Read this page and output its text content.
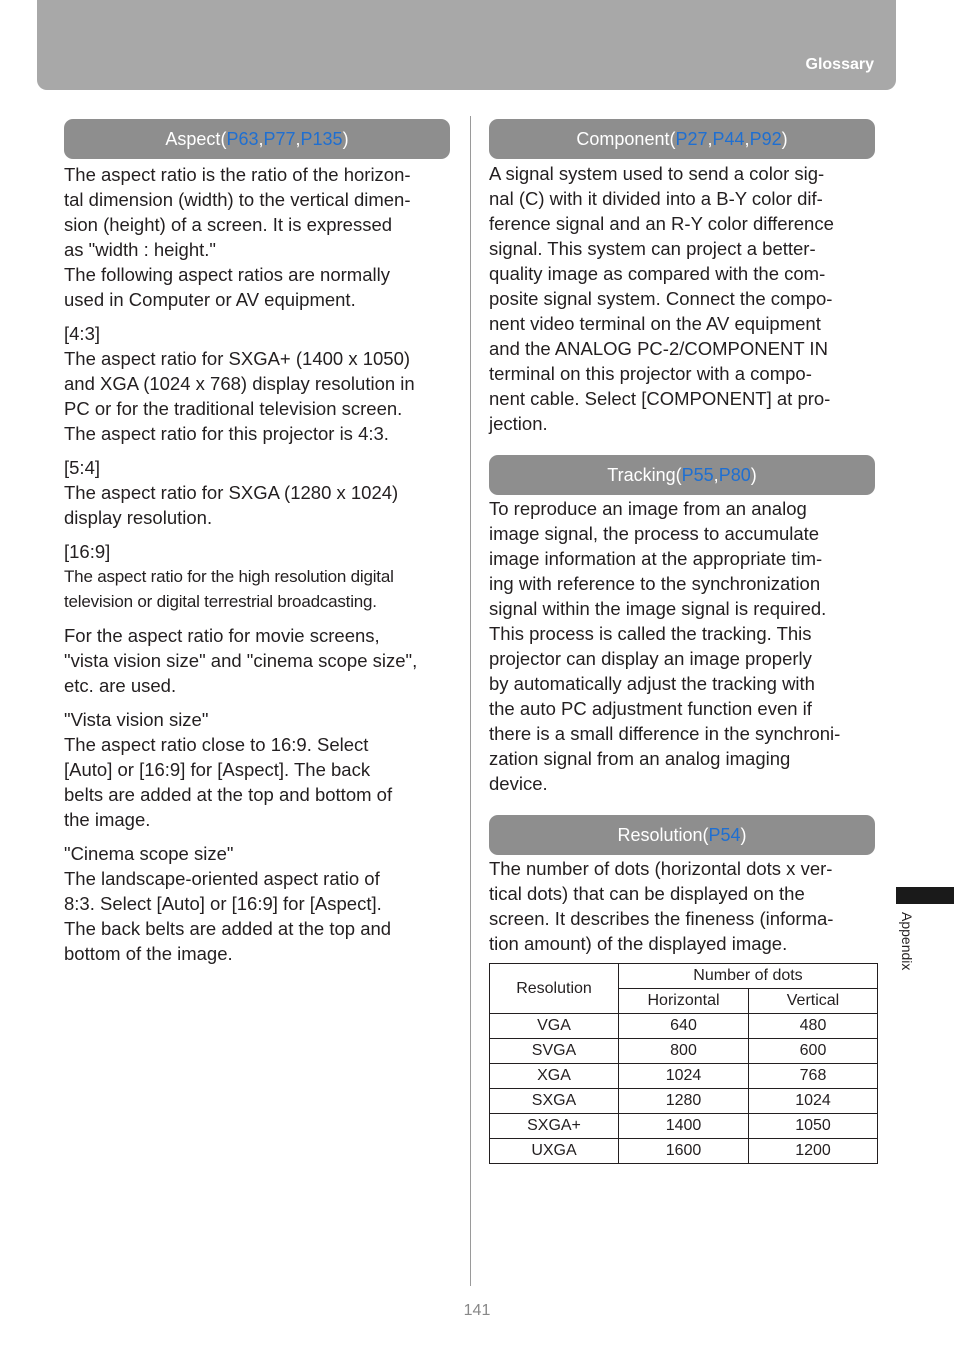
Glossary
Aspect ( P63 , P77 , P135 )

The aspect ratio is the ratio of the horizon-

tal dimension (width) to the vertical dimen-

sion (height) of a screen. It is expressed

as "width : height."

The following aspect ratios are normally

used in Computer or AV equipment.

[4:3]

The aspect ratio for SXGA+ (1400 x 1050)

and XGA (1024 x 768) display resolution in

PC or for the traditional television screen.

The aspect ratio for this projector is 4:3.

[5:4]

The aspect ratio for SXGA (1280 x 1024)

display resolution.

[16:9]

The aspect ratio for the high resolution digital

television or digital terrestrial broadcasting.

For the aspect ratio for movie screens,

"vista vision size" and "cinema scope size",

etc. are used.

"Vista vision size"

The aspect ratio close to 16:9. Select

[Auto] or [16:9] for [Aspect]. The back

belts are added at the top and bottom of

the image.

"Cinema scope size"

The landscape-oriented aspect ratio of

8:3. Select [Auto] or [16:9] for [Aspect].

The back belts are added at the top and

bottom of the image.

Component ( P27 , P44 , P92 )

A signal system used to send a color sig-

nal (C) with it divided into a B-Y color dif-

ference signal and an R-Y color difference

signal. This system can project a better-

quality image as compared with the com-

posite signal system. Connect the compo-

nent video terminal on the AV equipment

and the ANALOG PC-2/COMPONENT IN

terminal on this projector with a compo-

nent cable. Select [COMPONENT] at pro-

jection.

Tracking ( P55 , P80 )

To reproduce an image from an analog

image signal, the process to accumulate

image information at the appropriate tim-

ing with reference to the synchronization

signal within the image signal is required.

This process is called the tracking. This

projector can display an image properly

by automatically adjust the tracking with

the auto PC adjustment function even if

there is a small difference in the synchroni-

zation signal from an analog imaging

device.

Resolution ( P54 )

The number of dots (horizontal dots x ver-

tical dots) that can be displayed on the

screen. It describes the fineness (informa-

tion amount) of the displayed image.

Resolution	Number of dots	
	Horizontal	Vertical
VGA	640	480
SVGA	800	600
XGA	1024	768
SXGA	1280	1024
SXGA+	1400	1050
UXGA	1600	1200
Appendix
141
